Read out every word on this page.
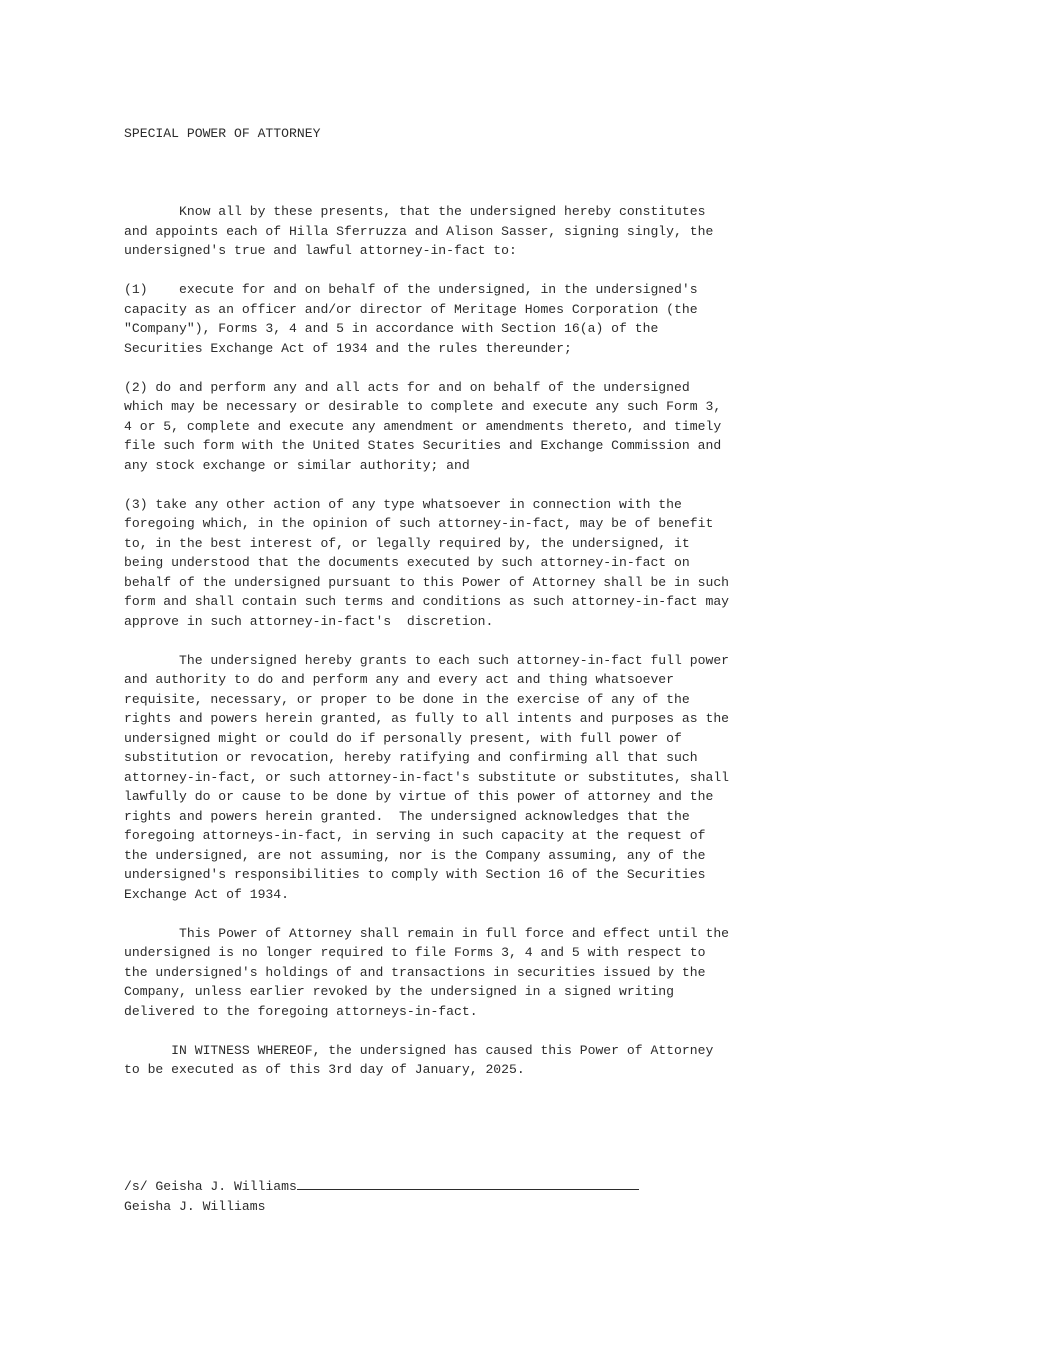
SPECIAL POWER OF ATTORNEY
Know all by these presents, that the undersigned hereby constitutes
and appoints each of Hilla Sferruzza and Alison Sasser, signing singly, the
undersigned's true and lawful attorney-in-fact to:
(1)    execute for and on behalf of the undersigned, in the undersigned's
capacity as an officer and/or director of Meritage Homes Corporation (the
"Company"), Forms 3, 4 and 5 in accordance with Section 16(a) of the
Securities Exchange Act of 1934 and the rules thereunder;
(2) do and perform any and all acts for and on behalf of the undersigned
which may be necessary or desirable to complete and execute any such Form 3,
4 or 5, complete and execute any amendment or amendments thereto, and timely
file such form with the United States Securities and Exchange Commission and
any stock exchange or similar authority; and
(3) take any other action of any type whatsoever in connection with the
foregoing which, in the opinion of such attorney-in-fact, may be of benefit
to, in the best interest of, or legally required by, the undersigned, it
being understood that the documents executed by such attorney-in-fact on
behalf of the undersigned pursuant to this Power of Attorney shall be in such
form and shall contain such terms and conditions as such attorney-in-fact may
approve in such attorney-in-fact's  discretion.
The undersigned hereby grants to each such attorney-in-fact full power
and authority to do and perform any and every act and thing whatsoever
requisite, necessary, or proper to be done in the exercise of any of the
rights and powers herein granted, as fully to all intents and purposes as the
undersigned might or could do if personally present, with full power of
substitution or revocation, hereby ratifying and confirming all that such
attorney-in-fact, or such attorney-in-fact's substitute or substitutes, shall
lawfully do or cause to be done by virtue of this power of attorney and the
rights and powers herein granted.  The undersigned acknowledges that the
foregoing attorneys-in-fact, in serving in such capacity at the request of
the undersigned, are not assuming, nor is the Company assuming, any of the
undersigned's responsibilities to comply with Section 16 of the Securities
Exchange Act of 1934.
This Power of Attorney shall remain in full force and effect until the
undersigned is no longer required to file Forms 3, 4 and 5 with respect to
the undersigned's holdings of and transactions in securities issued by the
Company, unless earlier revoked by the undersigned in a signed writing
delivered to the foregoing attorneys-in-fact.
IN WITNESS WHEREOF, the undersigned has caused this Power of Attorney
to be executed as of this 3rd day of January, 2025.
/s/ Geisha J. Williams
Geisha J. Williams
